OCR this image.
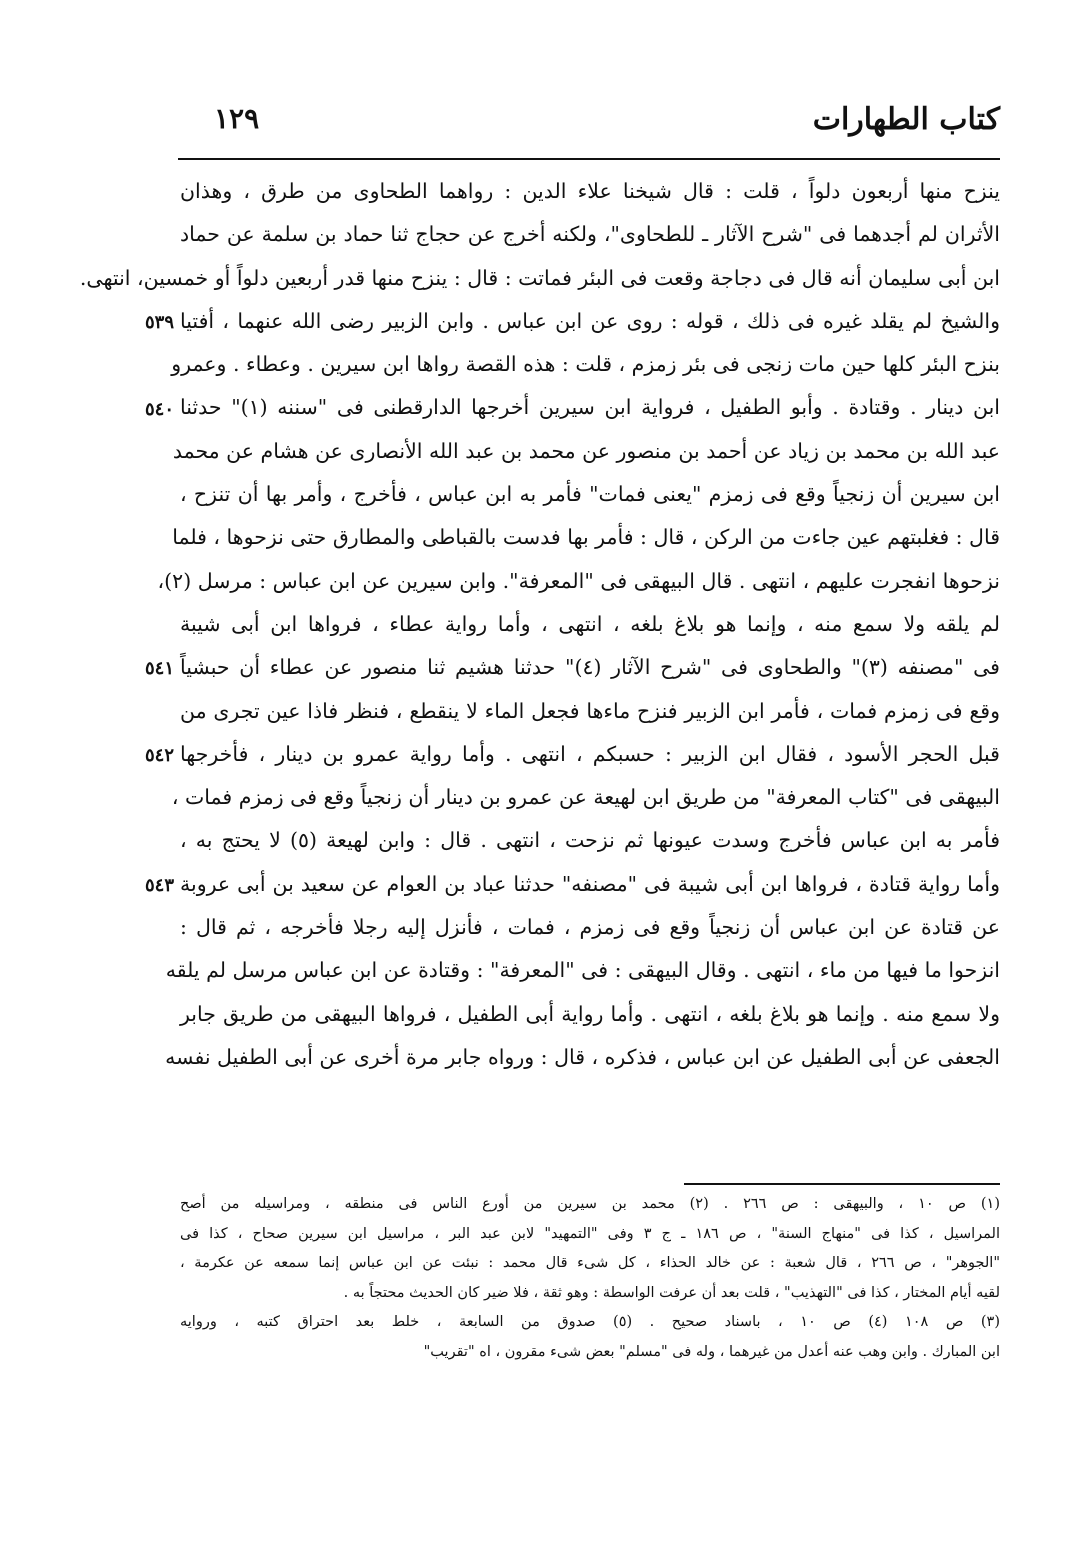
كتاب الطهارات
١٢٩
ينزح منها أربعون دلواً ، قلت : قال شيخنا علاء الدين : رواهما الطحاوى من طرق ، وهذان
الأثران لم أجدهما فى "شرح الآثار ـ للطحاوى"، ولكنه أخرج عن حجاج ثنا حماد بن سلمة عن حماد
ابن أبى سليمان أنه قال فى دجاجة وقعت فى البئر فماتت : قال : ينزح منها قدر أربعين دلواً أو خمسين، انتهى.
والشيخ لم يقلد غيره فى ذلك ، قوله : روى عن ابن عباس . وابن الزبير رضى الله عنهما ، أفتيا
بنزح البئر كلها حين مات زنجى فى بئر زمزم ، قلت : هذه القصة رواها ابن سيرين . وعطاء . وعمرو
ابن دينار . وقتادة . وأبو الطفيل ، فرواية ابن سيرين أخرجها الدارقطنى فى "سننه (١)" حدثنا
عبد الله بن محمد بن زياد عن أحمد بن منصور عن محمد بن عبد الله الأنصارى عن هشام عن محمد
ابن سيرين أن زنجياً وقع فى زمزم "يعنى فمات" فأمر به ابن عباس ، فأخرج ، وأمر بها أن تنزح ،
قال : فغلبتهم عين جاءت من الركن ، قال : فأمر بها فدست بالقباطى والمطارق حتى نزحوها ، فلما
نزحوها انفجرت عليهم ، انتهى . قال البيهقى فى "المعرفة". وابن سيرين عن ابن عباس : مرسل (٢)،
لم يلقه ولا سمع منه ، وإنما هو بلاغ بلغه ، انتهى ، وأما رواية عطاء ، فرواها ابن أبى شيبة
فى "مصنفه (٣)" والطحاوى فى "شرح الآثار (٤)" حدثنا هشيم ثنا منصور عن عطاء أن حبشياً
وقع فى زمزم فمات ، فأمر ابن الزبير فنزح ماءها فجعل الماء لا ينقطع ، فنظر فاذا عين تجرى من
قبل الحجر الأسود ، فقال ابن الزبير : حسبكم ، انتهى . وأما رواية عمرو بن دينار ، فأخرجها
البيهقى فى "كتاب المعرفة" من طريق ابن لهيعة عن عمرو بن دينار أن زنجياً وقع فى زمزم فمات ،
فأمر به ابن عباس فأخرج وسدت عيونها ثم نزحت ، انتهى . قال : وابن لهيعة (٥) لا يحتج به ،
وأما رواية قتادة ، فرواها ابن أبى شيبة فى "مصنفه" حدثنا عباد بن العوام عن سعيد بن أبى عروبة
عن قتادة عن ابن عباس أن زنجياً وقع فى زمزم ، فمات ، فأنزل إليه رجلا فأخرجه ، ثم قال :
انزحوا ما فيها من ماء ، انتهى . وقال البيهقى : فى "المعرفة" : وقتادة عن ابن عباس مرسل لم يلقه
ولا سمع منه . وإنما هو بلاغ بلغه ، انتهى . وأما رواية أبى الطفيل ، فرواها البيهقى من طريق جابر
الجعفى عن أبى الطفيل عن ابن عباس ، فذكره ، قال : ورواه جابر مرة أخرى عن أبى الطفيل نفسه
٥٣٩
٥٤٠
٥٤١
٥٤٢
٥٤٣
(١) ص ١٠ ، والبيهقى : ص ٢٦٦ . (٢) محمد بن سيرين من أورع الناس فى منطقه ، ومراسيله من أصح
المراسيل ، كذا فى "منهاج السنة" ، ص ١٨٦ ـ ج ٣ وفى "التمهيد" لابن عبد البر ، مراسيل ابن سيرين صحاح ، كذا فى
"الجوهر" ، ص ٢٦٦ ، قال شعبة : عن خالد الحذاء ، كل شىء قال محمد : نبئت عن ابن عباس إنما سمعه عن عكرمة ،
لقيه أيام المختار ، كذا فى "التهذيب" ، قلت بعد أن عرفت الواسطة : وهو ثقة ، فلا ضير كان الحديث محتجاً به .
(٣) ص ١٠٨ (٤) ص ١٠ ، باسناد صحيح . (٥) صدوق من السابعة ، خلط بعد احتراق كتبه ، وروايه
ابن المبارك . وابن وهب عنه أعدل من غيرهما ، وله فى "مسلم" بعض شىء مقرون ، اه "تقريب"
